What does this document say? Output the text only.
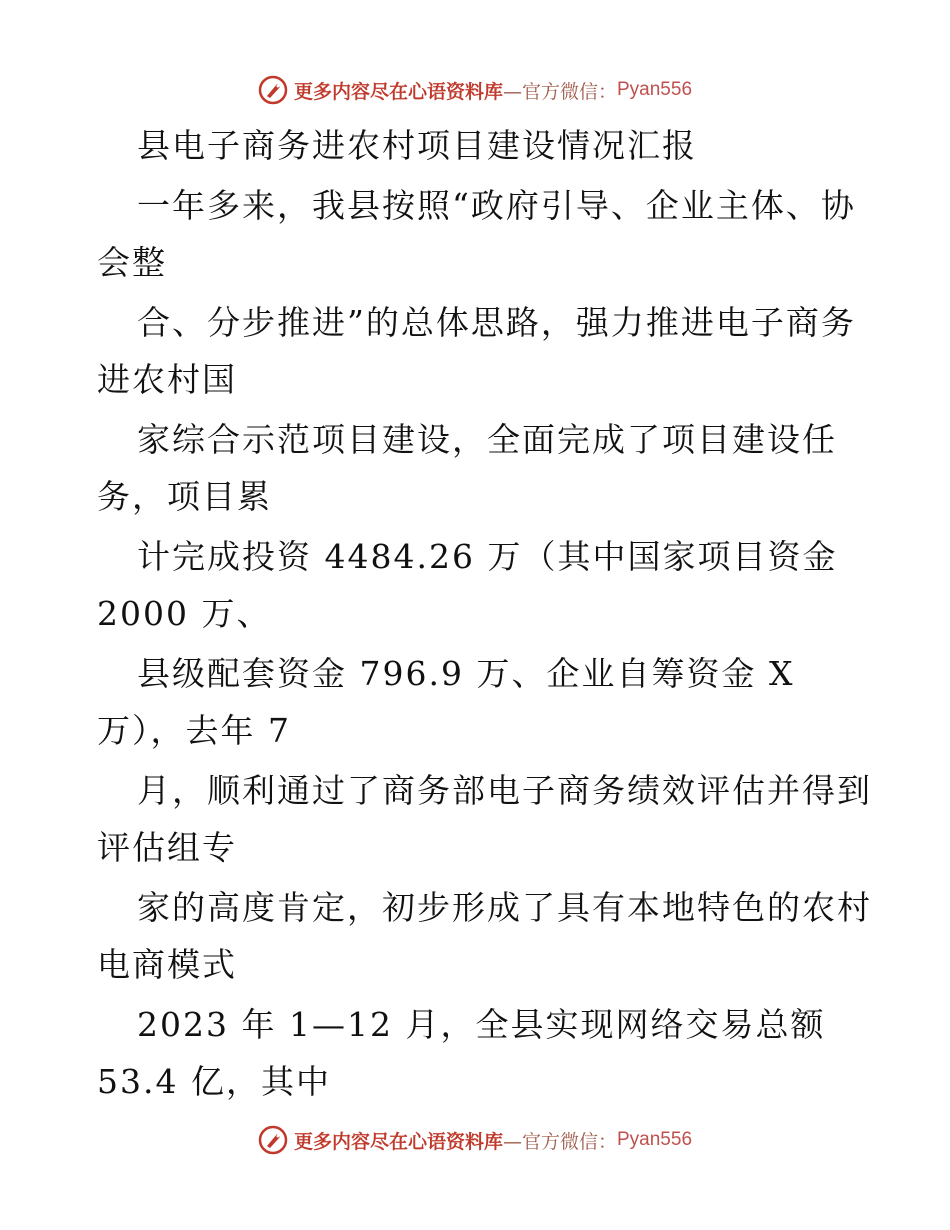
更多内容尽在心语资料库 —官方微信： Pyan556
县电子商务进农村项目建设情况汇报
一年多来，我县按照“政府引导、企业主体、协
会整
合、分步推进”的总体思路，强力推进电子商务
进农村国
家综合示范项目建设，全面完成了项目建设任
务，项目累
计完成投资 4484.26 万（其中国家项目资金
2000 万、
县级配套资金 796.9 万、企业自筹资金 X
万），去年 7
月，顺利通过了商务部电子商务绩效评估并得到
评估组专
家的高度肯定，初步形成了具有本地特色的农村
电商模式
2023 年 1—12 月，全县实现网络交易总额
53.4 亿，其中
更多内容尽在心语资料库 —官方微信： Pyan556
